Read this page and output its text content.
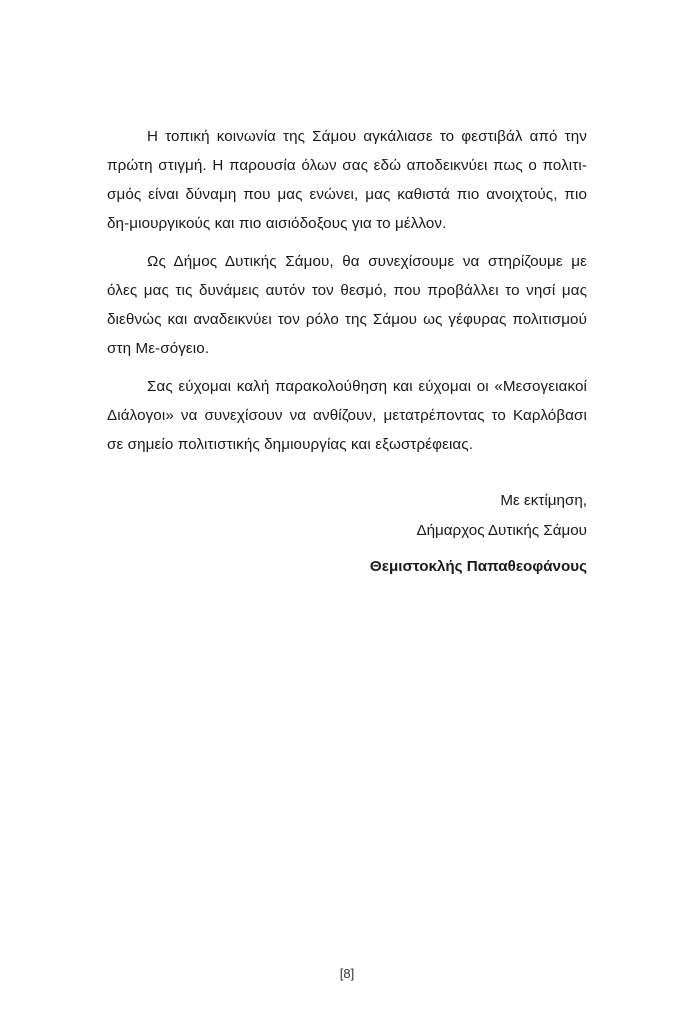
Η τοπική κοινωνία της Σάμου αγκάλιασε το φεστιβάλ από την πρώτη στιγμή. Η παρουσία όλων σας εδώ αποδεικνύει πως ο πολιτι-σμός είναι δύναμη που μας ενώνει, μας καθιστά πιο ανοιχτούς, πιο δη-μιουργικούς και πιο αισιόδοξους για το μέλλον.

Ως Δήμος Δυτικής Σάμου, θα συνεχίσουμε να στηρίζουμε με όλες μας τις δυνάμεις αυτόν τον θεσμό, που προβάλλει το νησί μας διεθνώς και αναδεικνύει τον ρόλο της Σάμου ως γέφυρας πολιτισμού στη Με-σόγειο.

Σας εύχομαι καλή παρακολούθηση και εύχομαι οι «Μεσογειακοί Διάλογοι» να συνεχίσουν να ανθίζουν, μετατρέποντας το Καρλόβασι σε σημείο πολιτιστικής δημιουργίας και εξωστρέφειας.

Με εκτίμηση,
Δήμαρχος Δυτικής Σάμου
Θεμιστοκλής Παπαθεοφάνους
[8]
